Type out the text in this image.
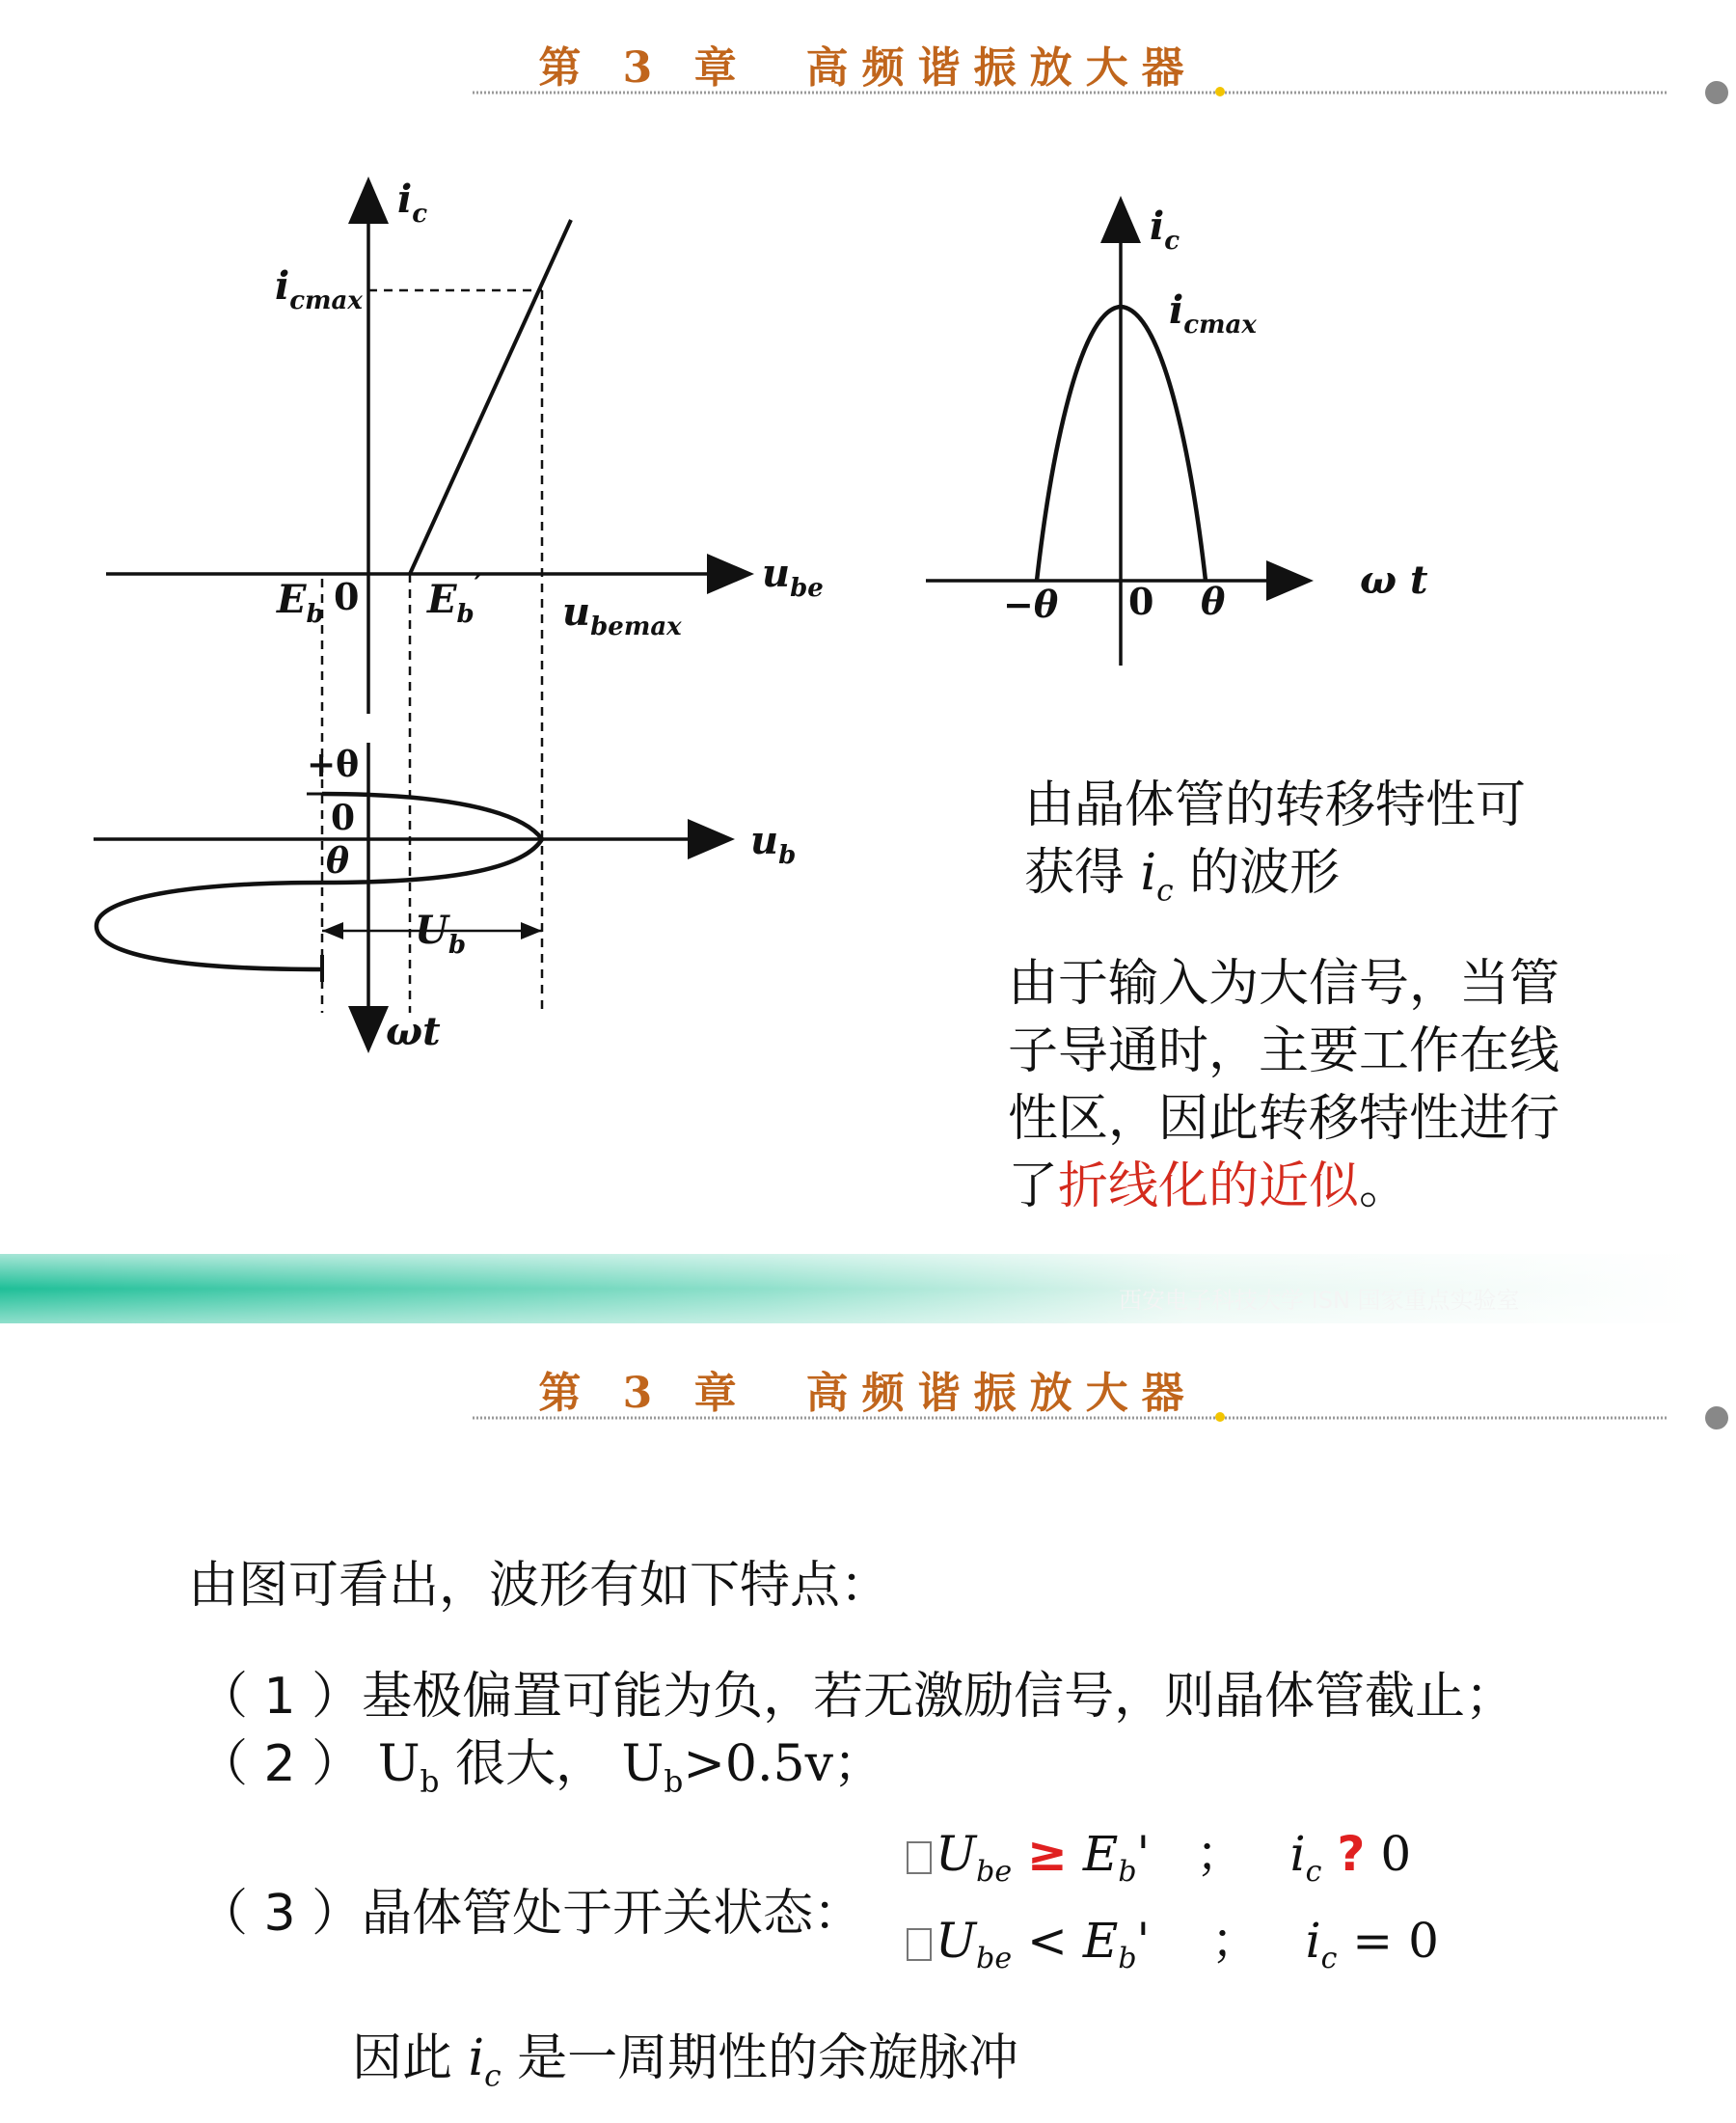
第 3 章　高频谐振放大器
$i_c$
$i_{cmax}$
$u_{be}$
$E_b$ 0 $E_b'$
$u_{bemax}$
+θ
0
θ	$u_b$
$U_b$
ωt
$i_c$
$i_{cmax}$
−θ 0 θ	ω t
由晶体管的转移特性可
获得 $i_c$ 的波形
由于输入为大信号，当管
子导通时，主要工作在线
性区，因此转移特性进行
了折线化的近似。
西安电子科技大学 ISN 国家重点实验室
第 3 章　高频谐振放大器
由图可看出，波形有如下特点：
（ 1 ）基极偏置可能为负，若无激励信号，则晶体管截止；
（ 2 ） $U_b$ 很大， $U_b>0.5v$；
（ 3 ）晶体管处于开关状态：
$U_{be} \ge E_b'$ ； $i_c$ ? 0
$U_{be} < E_b'$ ； $i_c = 0$
因此 $i_c$ 是一周期性的余旋脉冲
